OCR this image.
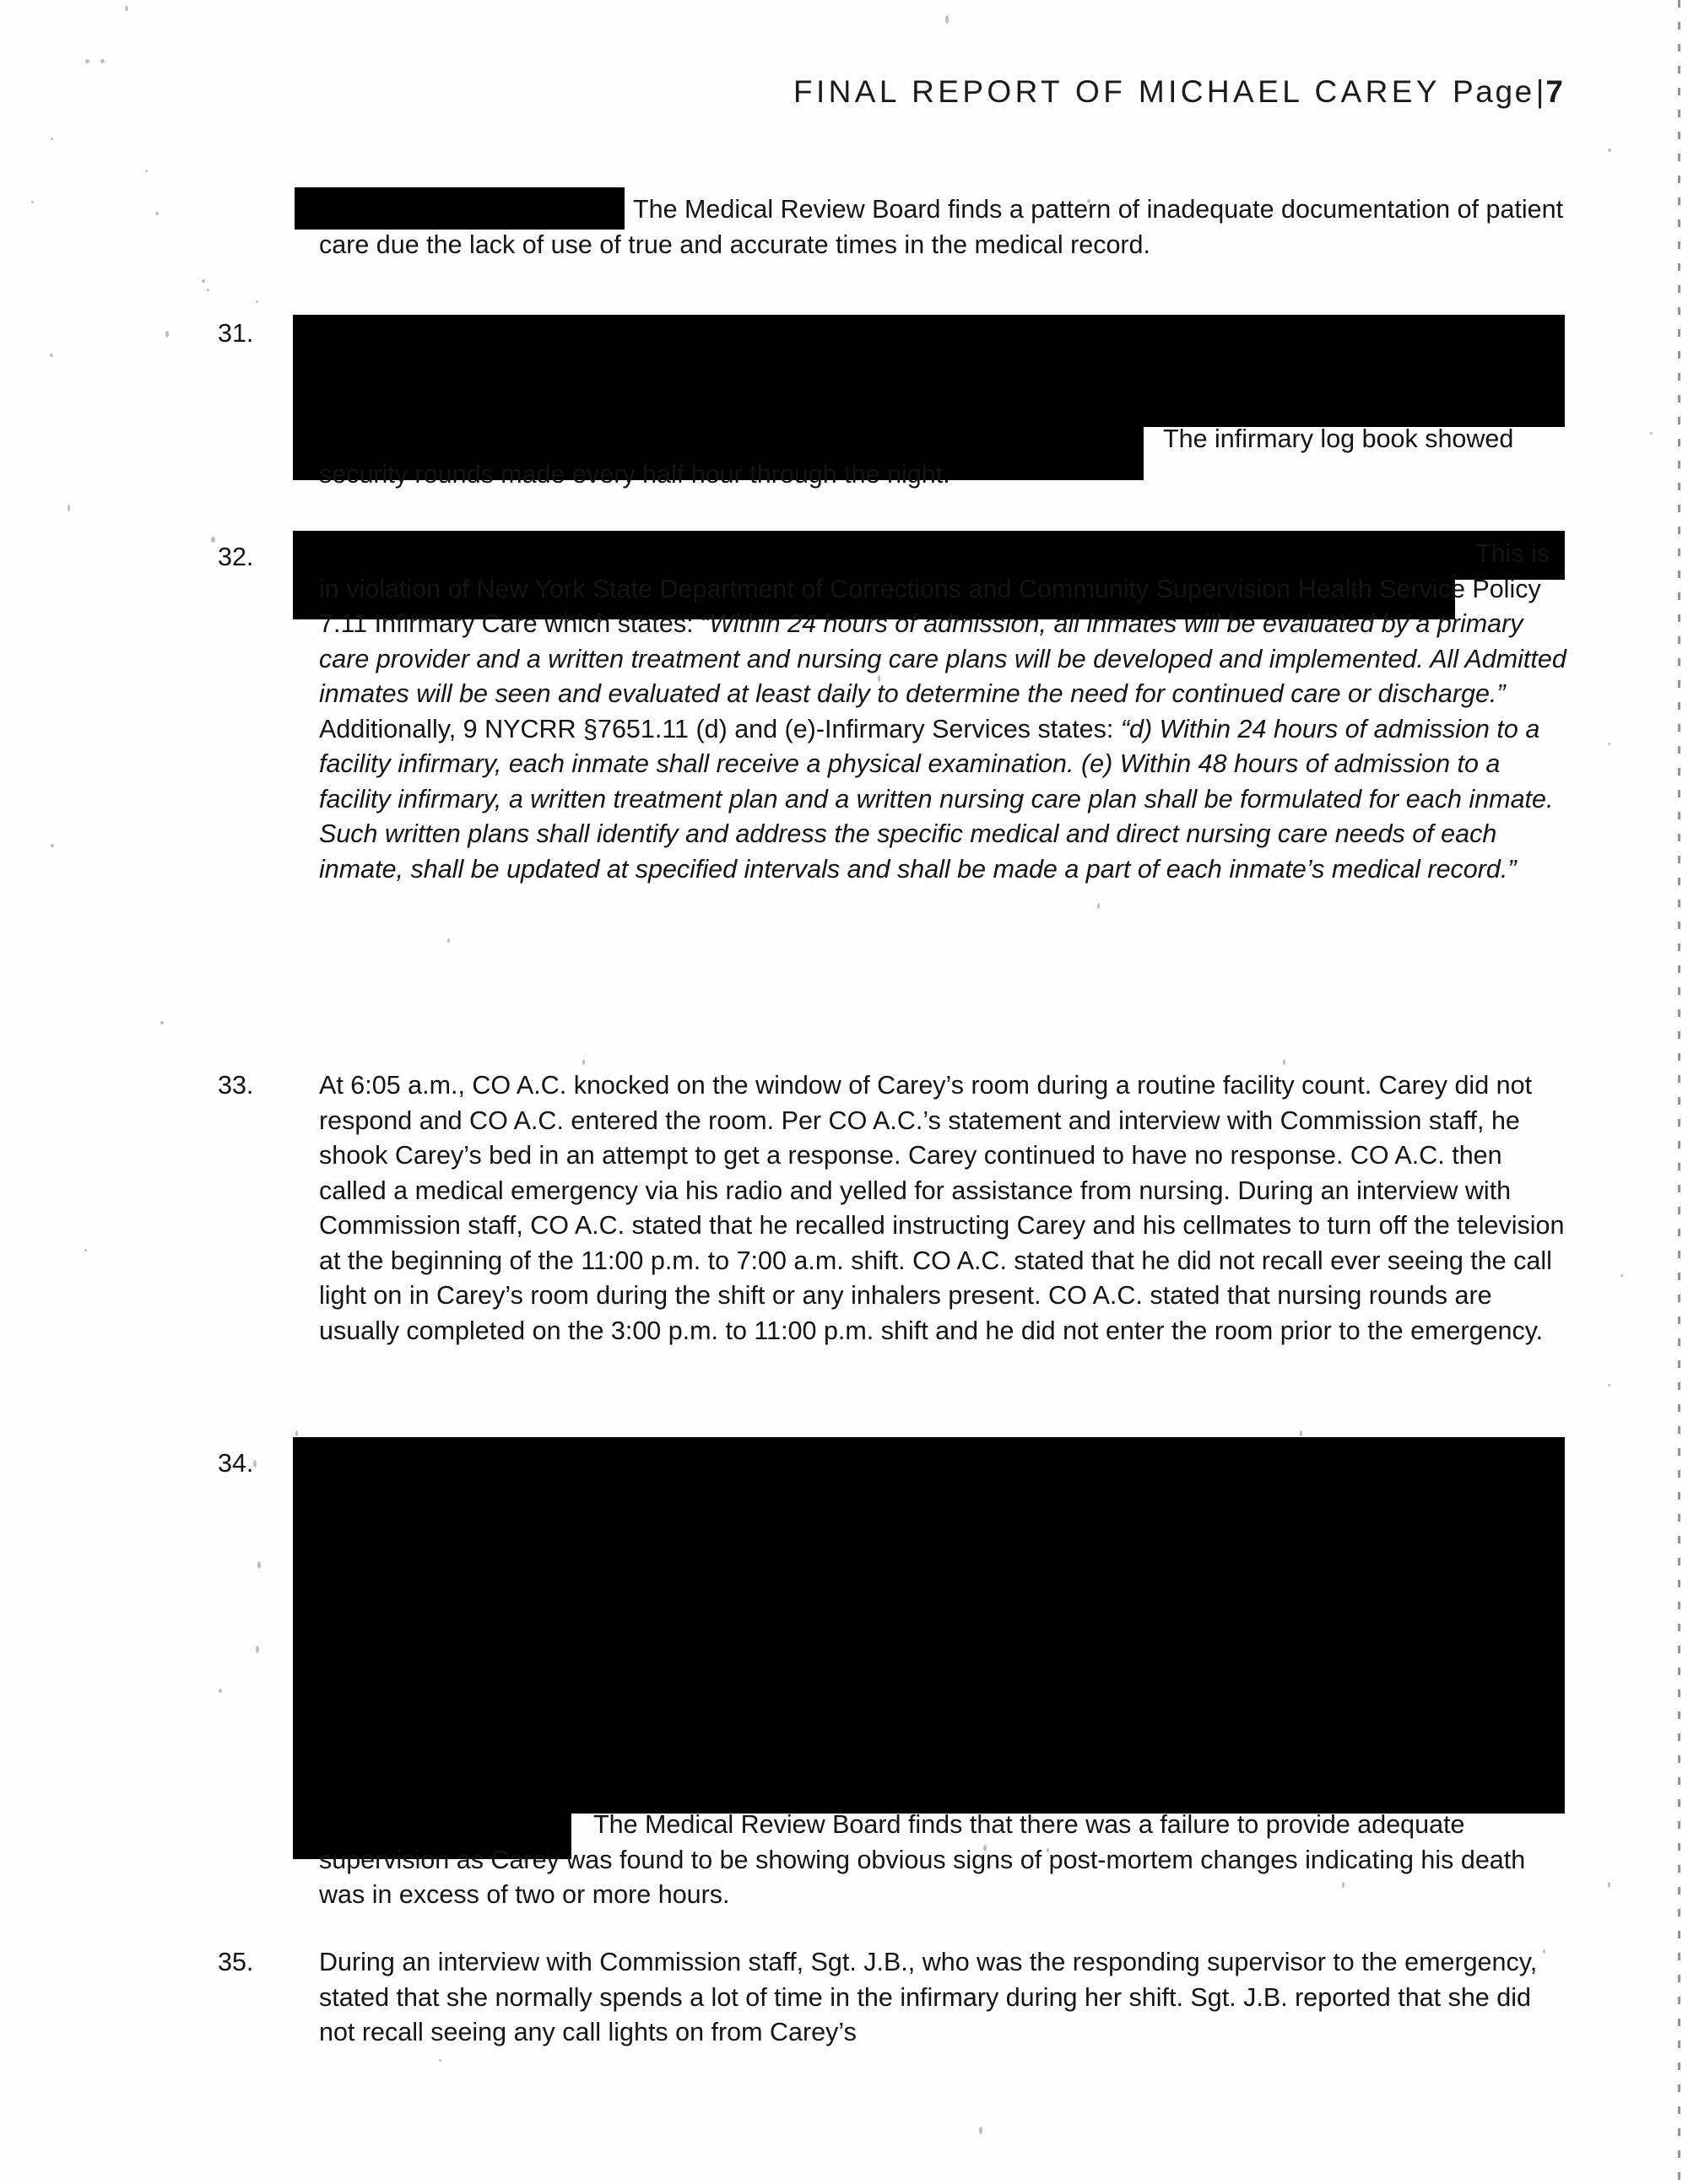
FINAL REPORT OF MICHAEL CAREY Page|7
The Medical Review Board finds a pattern of inadequate documentation of patient care due the lack of use of true and accurate times in the medical record.
31.
The infirmary log book showed security rounds made every half hour through the night.
32.	This is in violation of New York State Department of Corrections and Community Supervision Health Service Policy 7.11 Infirmary Care which states: “Within 24 hours of admission, all inmates will be evaluated by a primary care provider and a written treatment and nursing care plans will be developed and implemented. All Admitted inmates will be seen and evaluated at least daily to determine the need for continued care or discharge.” Additionally, 9 NYCRR §7651.11 (d) and (e)-Infirmary Services states: “d) Within 24 hours of admission to a facility infirmary, each inmate shall receive a physical examination. (e) Within 48 hours of admission to a facility infirmary, a written treatment plan and a written nursing care plan shall be formulated for each inmate. Such written plans shall identify and address the specific medical and direct nursing care needs of each inmate, shall be updated at specified intervals and shall be made a part of each inmate’s medical record.”
33.	At 6:05 a.m., CO A.C. knocked on the window of Carey’s room during a routine facility count. Carey did not respond and CO A.C. entered the room. Per CO A.C.’s statement and interview with Commission staff, he shook Carey’s bed in an attempt to get a response. Carey continued to have no response. CO A.C. then called a medical emergency via his radio and yelled for assistance from nursing. During an interview with Commission staff, CO A.C. stated that he recalled instructing Carey and his cellmates to turn off the television at the beginning of the 11:00 p.m. to 7:00 a.m. shift. CO A.C. stated that he did not recall ever seeing the call light on in Carey’s room during the shift or any inhalers present. CO A.C. stated that nursing rounds are usually completed on the 3:00 p.m. to 11:00 p.m. shift and he did not enter the room prior to the emergency.
34.
The Medical Review Board finds that there was a failure to provide adequate supervision as Carey was found to be showing obvious signs of post-mortem changes indicating his death was in excess of two or more hours.
35.	During an interview with Commission staff, Sgt. J.B., who was the responding supervisor to the emergency, stated that she normally spends a lot of time in the infirmary during her shift. Sgt. J.B. reported that she did not recall seeing any call lights on from Carey’s
